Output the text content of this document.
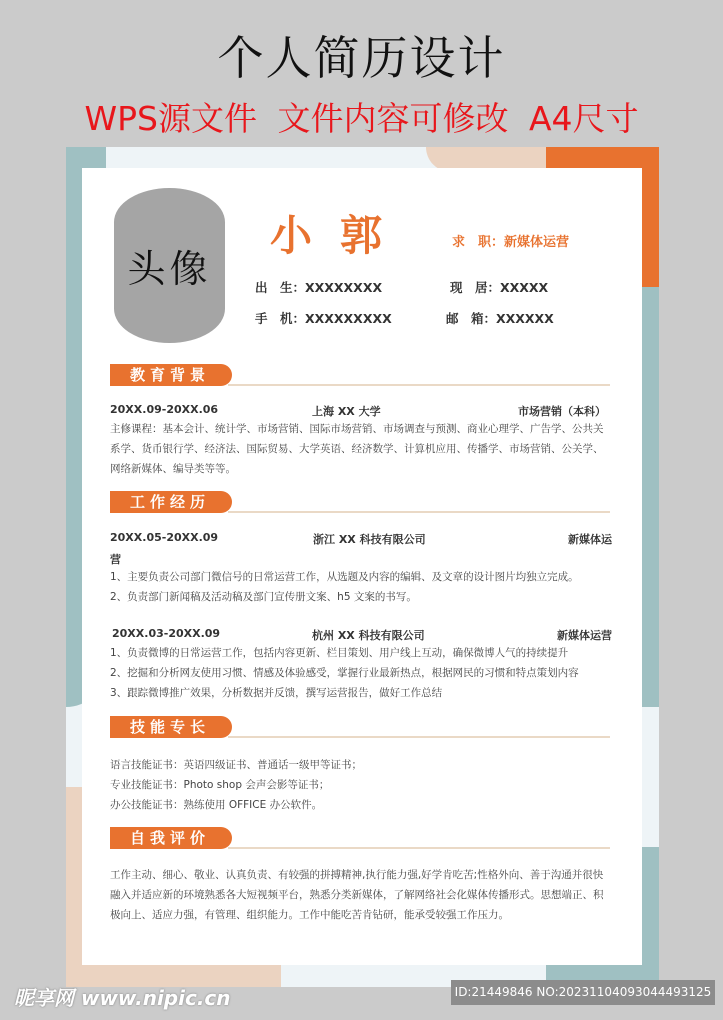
个人简历设计
WPS源文件 文件内容可修改 A4尺寸
头像
小郭	求　职：新媒体运营
出　生：XXXXXXXX	现　居：XXXXX
手　机：XXXXXXXXX	邮　箱：XXXXXX
教育背景
20XX.09-20XX.06	上海 XX 大学	市场营销（本科）
主修课程：基本会计、统计学、市场营销、国际市场营销、市场调查与预测、商业心理学、广告学、公共关系学、货币银行学、经济法、国际贸易、大学英语、经济数学、计算机应用、传播学、市场营销、公关学、网络新媒体、编导类等等。
工作经历
20XX.05-20XX.09	浙江 XX 科技有限公司	新媒体运
营
1、主要负责公司部门微信号的日常运营工作，从选题及内容的编辑、及文章的设计图片均独立完成。
2、负责部门新闻稿及活动稿及部门宣传册文案、h5 文案的书写。
20XX.03-20XX.09	杭州 XX 科技有限公司	新媒体运营
1、负责微博的日常运营工作，包括内容更新、栏目策划、用户线上互动，确保微博人气的持续提升
2、挖掘和分析网友使用习惯、情感及体验感受，掌握行业最新热点，根据网民的习惯和特点策划内容
3、跟踪微博推广效果，分析数据并反馈，撰写运营报告，做好工作总结
技能专长
语言技能证书：英语四级证书、普通话一级甲等证书；
专业技能证书：Photo shop 会声会影等证书；
办公技能证书：熟练使用 OFFICE 办公软件。
自我评价
工作主动、细心、敬业、认真负责、有较强的拼搏精神,执行能力强,好学肯吃苦;性格外向、善于沟通并很快融入并适应新的环境熟悉各大短视频平台，熟悉分类新媒体，了解网络社会化媒体传播形式。思想端正、积极向上、适应力强，有管理、组织能力。工作中能吃苦肯钻研，能承受较强工作压力。
昵享网 www.nipic.cn	ID:21449846 NO:20231104093044493125
